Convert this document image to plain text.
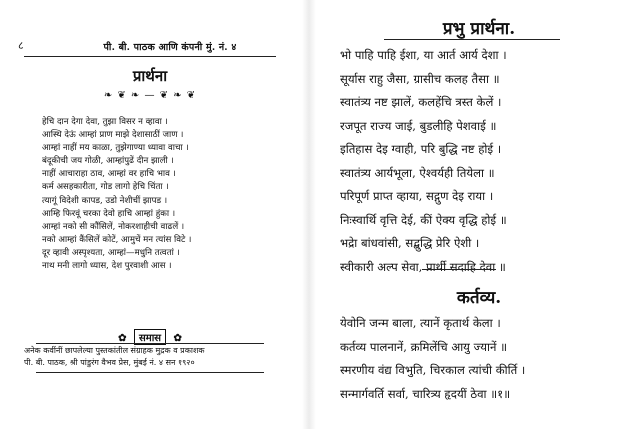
८	पी. बी. पाठक आणि कंपनी मुं. नं. ४
प्रार्थना
❧ ❦ ❧ — ❦ ❧ ❦
हेचि दान देगा देवा, तुझा विसर न व्हावा ।
आस्थि देऊं आम्हां प्राण माझे देशासाठीं जाण ।
आम्हां नाहीं मय काळा, तुझेगाण्या ध्यावा वाचा ।
बंदूकीची जय गोळी, आम्हांपुढें दीन झाली ।
नाहीं आचाराहा ठाव, आम्हां वर हाचि भाव ।
कर्म असहकारीता, गोड लागो हेचि चिंता ।
त्यागूं विदेशी कापड, उडो नेशीचीं झापड ।
आम्हि फिरवूं चरका देवो हाचि आम्हां हुंका ।
आम्हां नको सी कौंसिलें, नोकरशाहीची वाढलें ।
नको आम्हां कैंसिलें कोटें, आमुचें मन त्यांस विटे ।
दूर व्हावी अस्पृश्यता, आम्हां—मधुनि तत्वतां ।
नाथ मनी लागो ध्यास, देश पुरवाशी आस ।
✿ समास ✿
अनेक कवींनीं छापलेल्या पुस्तकांतील संग्राहक मुद्रक व प्रकाशक
पी. बी. पाठक, श्री पांडुरंग वैभव प्रेस, मुंबई नं. ४ सन १९२०
प्रभु प्रार्थना.
भो पाहि पाहि ईशा, या आर्त आर्य देशा ।
सूर्यास राहु जैसा, ग्रासीच कलह तैसा ॥
स्वातंत्र्य नष्ट झालें, कलहेंचि त्रस्त केलें ।
रजपूत राज्य जाई, बुडलीहि पेशवाई ॥
इतिहास देइ ग्वाही, परि बुद्धि नष्ट होई ।
स्वातंत्र्य आर्यभूला, ऐश्वर्यही तियेला ॥
परिपूर्ण प्राप्त व्हाया, सद्गुण देइ राया ।
निःस्वार्थि वृत्ति देई, कीं ऐक्य वृद्धि होई ॥
भद्रेा बांधवांसी, सद्बुद्धि प्रेरि ऐशी ।
स्वीकारी अल्प सेवा, प्रार्थी सदाहि देवा ॥
कर्तव्य.
येवोनि जन्म बाला, त्यानें कृतार्थ केला ।
कर्तव्य पालनानें, क्रमिलेंचि आयु ज्यानें ॥
स्मरणीय वंद्य विभुति, चिरकाल त्यांची कीर्ति ।
सन्मार्गवर्ति सर्वा, चारित्र्य हृदयीं ठेवा ॥१॥
